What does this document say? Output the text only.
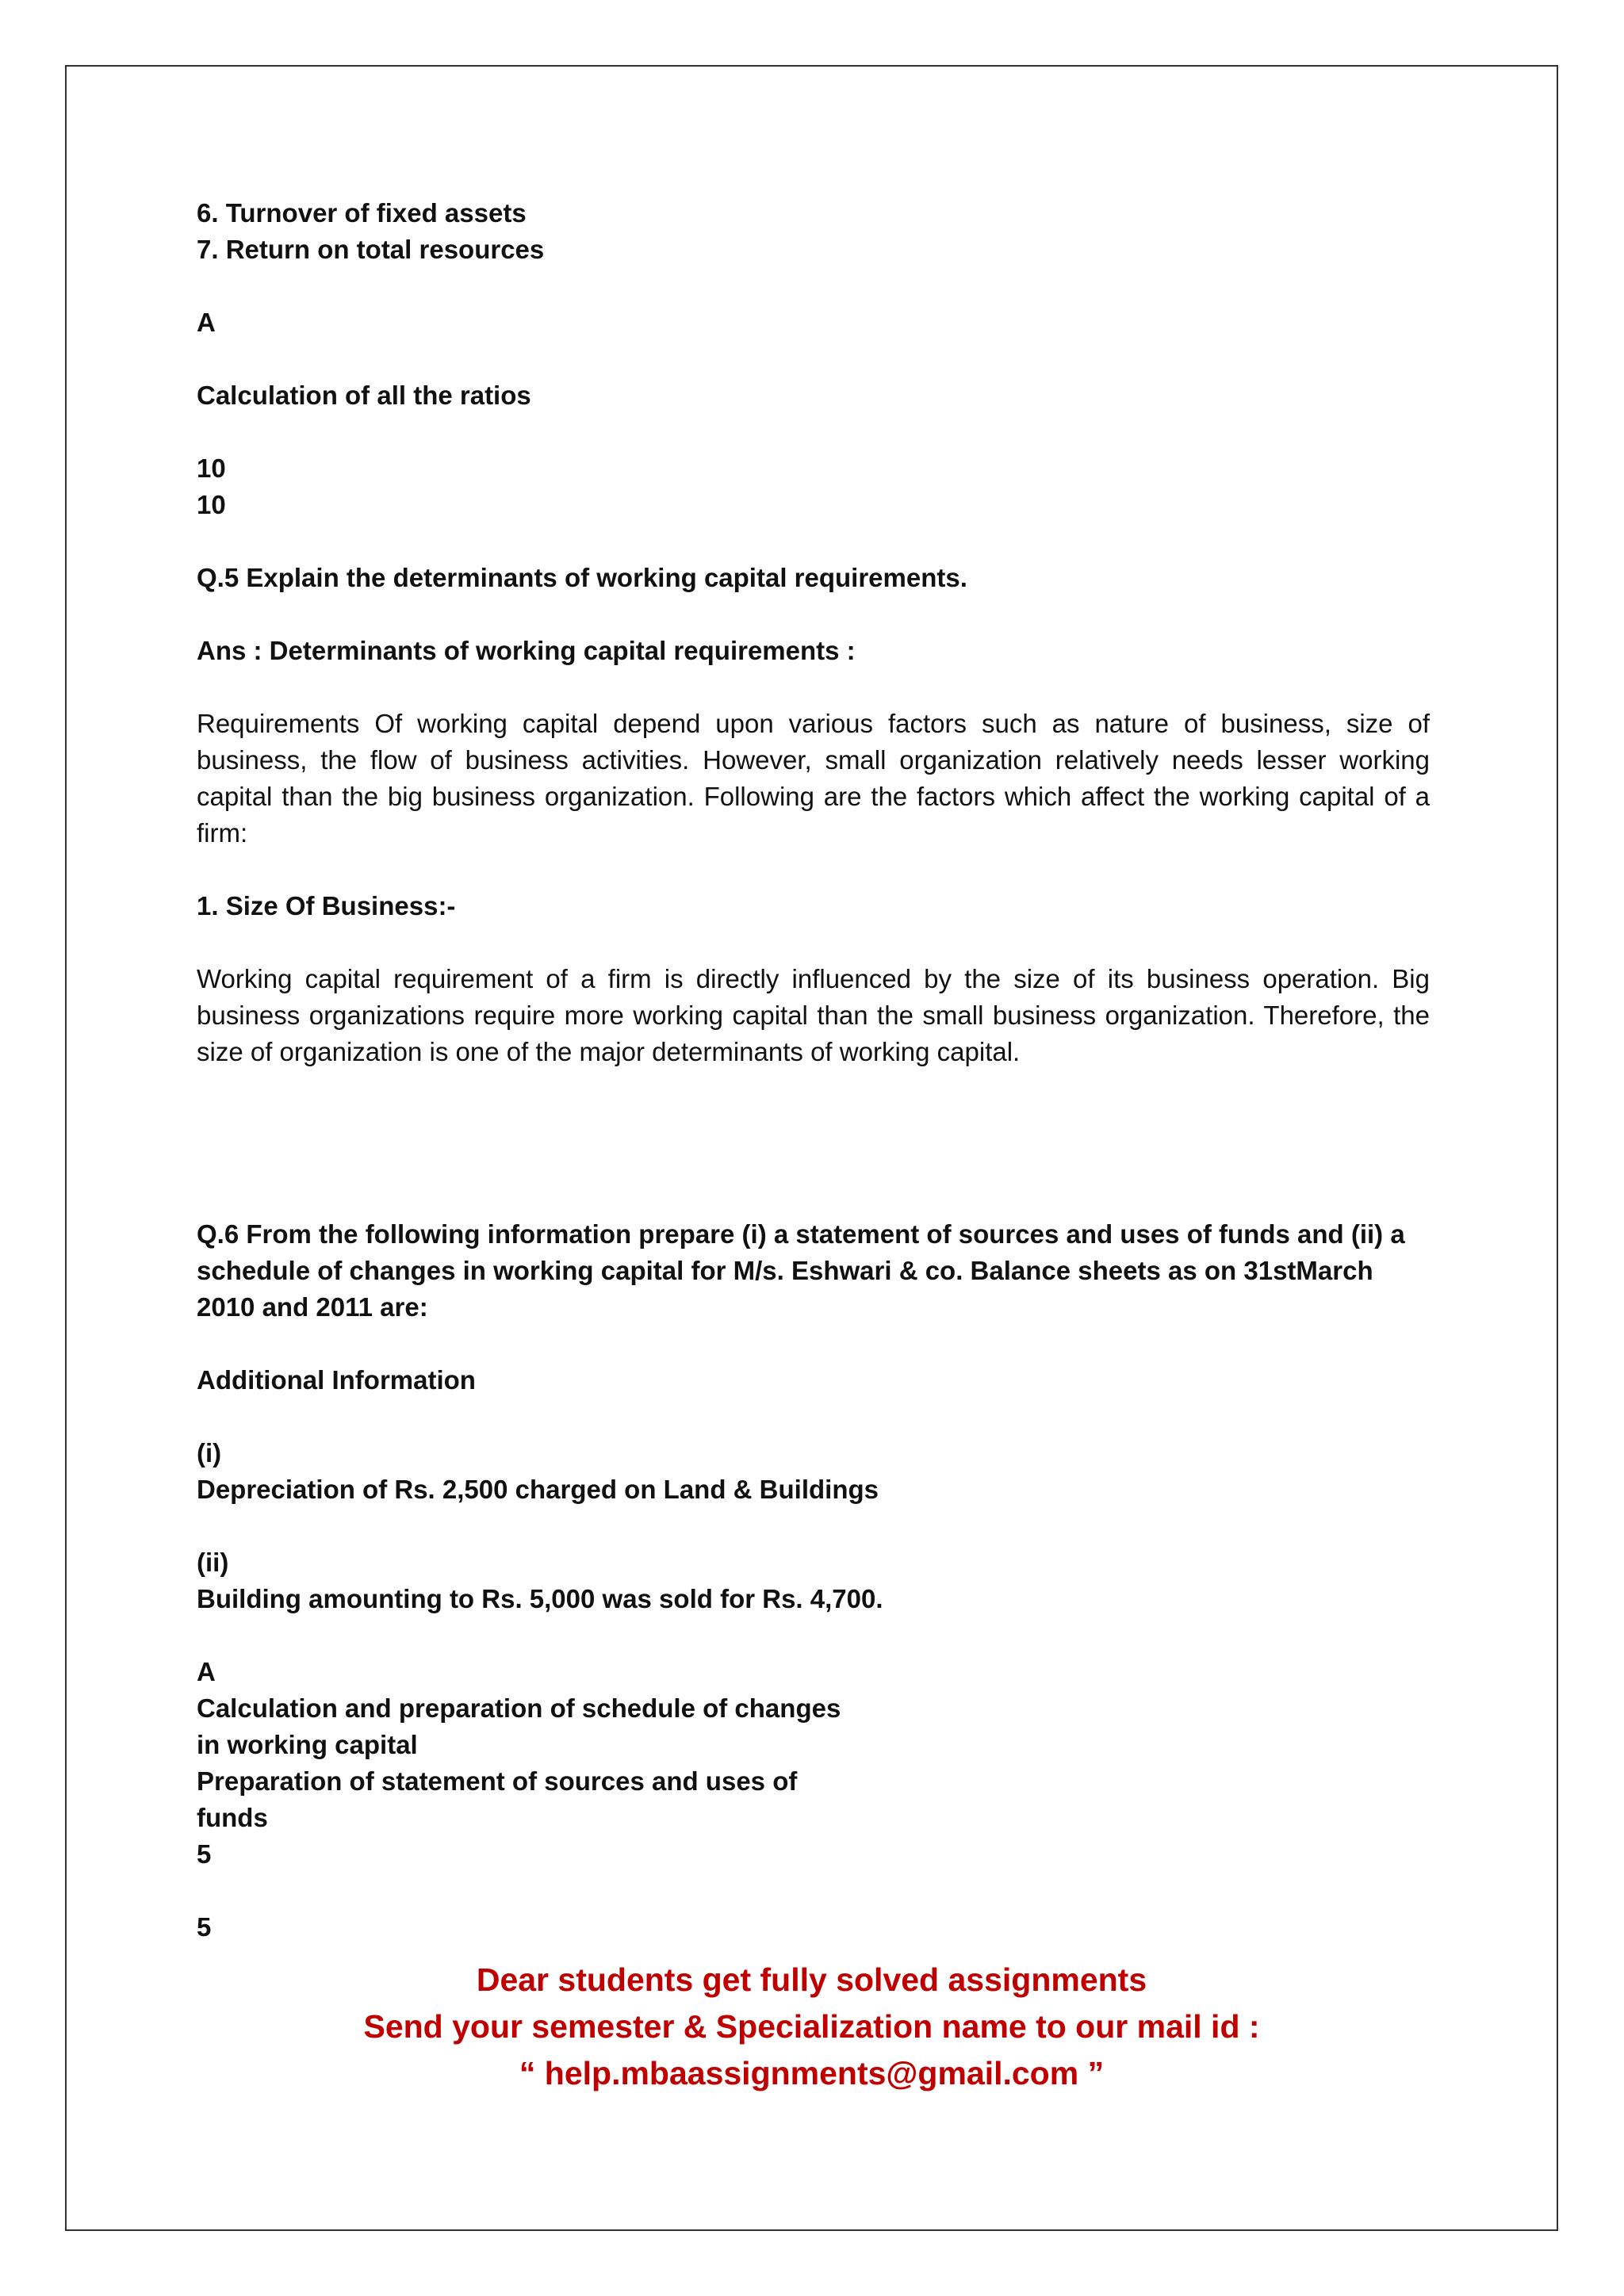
6. Turnover of fixed assets

7. Return on total resources

A

Calculation of all the ratios

10

10

Q.5 Explain the determinants of working capital requirements.

Ans : Determinants of working capital requirements :

Requirements Of working capital depend upon various factors such as nature of business, size of business, the flow of business activities. However, small organization relatively needs lesser working capital than the big business organization. Following are the factors which affect the working capital of a firm:

1. Size Of Business:-

Working capital requirement of a firm is directly influenced by the size of its business operation. Big business organizations require more working capital than the small business organization. Therefore, the size of organization is one of the major determinants of working capital.

Q.6 From the following information prepare (i) a statement of sources and uses of funds and (ii) a

schedule of changes in working capital for M/s. Eshwari & co. Balance sheets as on 31stMarch

2010 and 2011 are:

Additional Information

(i)

Depreciation of Rs. 2,500 charged on Land & Buildings

(ii)

Building amounting to Rs. 5,000 was sold for Rs. 4,700.

A

Calculation and preparation of schedule of changes

in working capital

Preparation of statement of sources and uses of

funds

5

5

Dear students get fully solved assignments
Send your semester & Specialization name to our mail id :
“ help.mbaassignments@gmail.com ”
